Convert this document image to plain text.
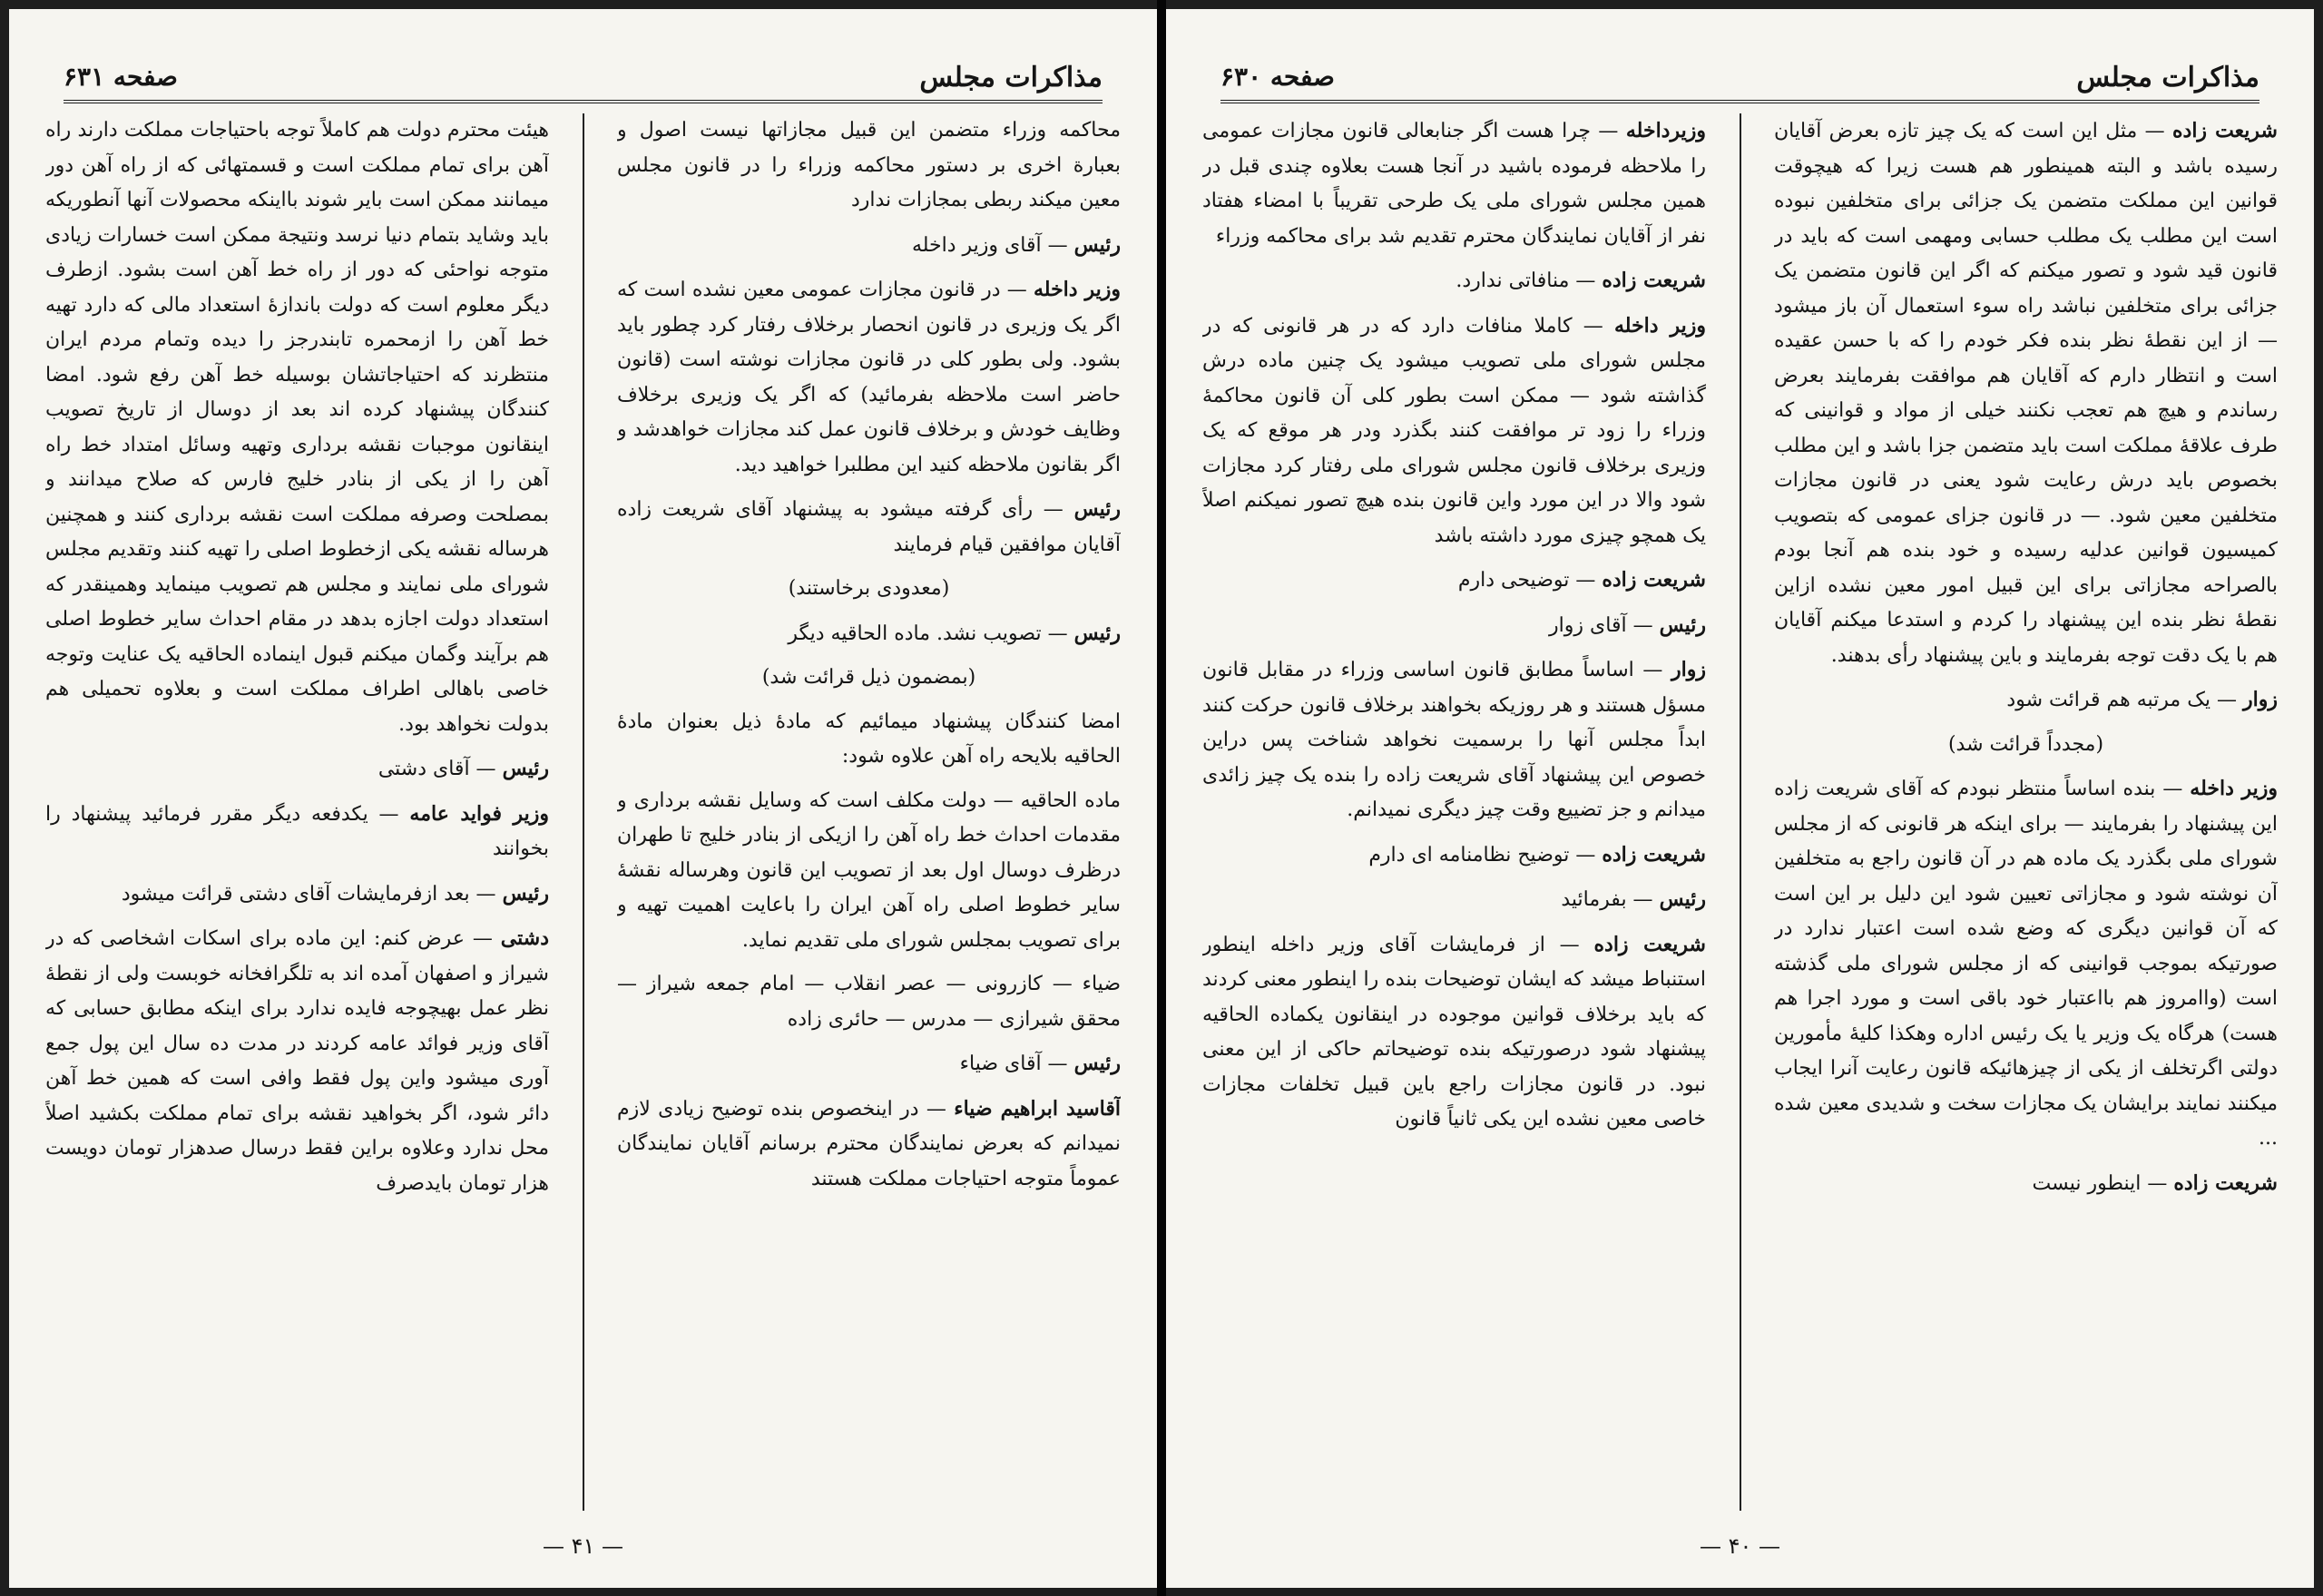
مذاکرات مجلس
صفحه ۶۳۱

محاکمه وزراء متضمن این قبیل مجازاتها نیست اصول و بعبارة اخرى بر دستور محاکمه وزراء را در قانون مجلس معین میکند ربطى بمجازات ندارد

رئیس — آقاى وزیر داخله

وزیر داخله — در قانون مجازات عمومى معین نشده است که اگر یک وزیرى در قانون انحصار برخلاف رفتار کرد چطور باید بشود. ولى بطور کلى در قانون مجازات نوشته است (قانون حاضر است ملاحظه بفرمائید) که اگر یک وزیرى برخلاف وظایف خودش و برخلاف قانون عمل کند مجازات خواهدشد و اگر بقانون ملاحظه کنید این مطلبرا خواهید دید.

رئیس — رأى گرفته میشود به پیشنهاد آقاى شریعت زاده آقایان موافقین قیام فرمایند

(معدودى برخاستند)

رئیس — تصویب نشد. ماده الحاقیه دیگر

(بمضمون ذیل قرائت شد)

امضا کنندگان پیشنهاد میمائیم که مادهٔ ذیل بعنوان مادهٔ الحاقیه بلایحه راه آهن علاوه شود:

ماده الحاقیه — دولت مکلف است که وسایل نقشه بردارى و مقدمات احداث خط راه آهن را ازیکى از بنادر خلیج تا طهران درظرف دوسال اول بعد از تصویب این قانون وهرساله نقشهٔ سایر خطوط اصلى راه آهن ایران را باعایت اهمیت تهیه و براى تصویب بمجلس شوراى ملى تقدیم نماید.

ضیاء — کازرونى — عصر انقلاب — امام جمعه شیراز — محقق شیرازى — مدرس — حائرى زاده

رئیس — آقاى ضیاء

آقاسید ابراهیم ضیاء — در اینخصوص بنده توضیح زیادى لازم نمیدانم که بعرض نمایندگان محترم برسانم آقایان نمایندگان عموماً متوجه احتیاجات مملکت هستند

هیئت محترم دولت هم کاملاً توجه باحتیاجات مملکت دارند راه آهن براى تمام مملکت است و قسمتهائى که از راه آهن دور میمانند ممکن است بایر شوند بااینکه محصولات آنها آنطوریکه باید وشاید بتمام دنیا نرسد ونتیجة ممکن است خسارات زیادى متوجه نواحئى که دور از راه خط آهن است بشود. ازطرف دیگر معلوم است که دولت باندازهٔ استعداد مالى که دارد تهیه خط آهن را ازمحمره تابندرجز را دیده وتمام مردم ایران منتظرند که احتیاجاتشان بوسیله خط آهن رفع شود. امضا کنندگان پیشنهاد کرده اند بعد از دوسال از تاریخ تصویب اینقانون موجبات نقشه بردارى وتهیه وسائل امتداد خط راه آهن را از یکى از بنادر خلیج فارس که صلاح میدانند و بمصلحت وصرفه مملکت است نقشه بردارى کنند و همچنین هرساله نقشه یکى ازخطوط اصلى را تهیه کنند وتقدیم مجلس شوراى ملى نمایند و مجلس هم تصویب مینماید وهمینقدر که استعداد دولت اجازه بدهد در مقام احداث سایر خطوط اصلى هم برآیند وگمان میکنم قبول اینماده الحاقیه یک عنایت وتوجه خاصى باهالى اطراف مملکت است و بعلاوه تحمیلى هم بدولت نخواهد بود.

رئیس — آقاى دشتى

وزیر فواید عامه — یکدفعه دیگر مقرر فرمائید پیشنهاد را بخوانند

رئیس — بعد ازفرمایشات آقاى دشتى قرائت میشود

دشتى — عرض کنم: این ماده براى اسکات اشخاصى که در شیراز و اصفهان آمده اند به تلگرافخانه خوبست ولى از نقطهٔ نظر عمل بهیچوجه فایده ندارد براى اینکه مطابق حسابى که آقاى وزیر فوائد عامه کردند در مدت ده سال این پول جمع آورى میشود واین پول فقط وافى است که همین خط آهن دائر شود، اگر بخواهید نقشه براى تمام مملکت بکشید اصلاً محل ندارد وعلاوه براین فقط درسال صدهزار تومان دویست هزار تومان بایدصرف

— ۴۱ —
مذاکرات مجلس
صفحه ۶۳۰

شریعت زاده — مثل این است که یک چیز تازه بعرض آقایان رسیده باشد و البته همینطور هم هست زیرا که هیچوقت قوانین این مملکت متضمن یک جزائى براى متخلفین نبوده است این مطلب یک مطلب حسابى ومهمى است که باید در قانون قید شود و تصور میکنم که اگر این قانون متضمن یک جزائى براى متخلفین نباشد راه سوء استعمال آن باز میشود — از این نقطهٔ نظر بنده فکر خودم را که با حسن عقیده است و انتظار دارم که آقایان هم موافقت بفرمایند بعرض رساندم و هیچ هم تعجب نکنند خیلى از مواد و قوانینى که طرف علاقهٔ مملکت است باید متضمن جزا باشد و این مطلب بخصوص باید درش رعایت شود یعنى در قانون مجازات متخلفین معین شود. — در قانون جزاى عمومى که بتصویب کمیسیون قوانین عدلیه رسیده و خود بنده هم آنجا بودم بالصراحه مجازاتى براى این قبیل امور معین نشده ازاین نقطهٔ نظر بنده این پیشنهاد را کردم و استدعا میکنم آقایان هم با یک دقت توجه بفرمایند و باین پیشنهاد رأى بدهند.

زوار — یک مرتبه هم قرائت شود

(مجدداً قرائت شد)

وزیر داخله — بنده اساساً منتظر نبودم که آقاى شریعت زاده این پیشنهاد را بفرمایند — براى اینکه هر قانونى که از مجلس شوراى ملى بگذرد یک ماده هم در آن قانون راجع به متخلفین آن نوشته شود و مجازاتى تعیین شود این دلیل بر این است که آن قوانین دیگرى که وضع شده است اعتبار ندارد در صورتیکه بموجب قوانینى که از مجلس شوراى ملى گذشته است (واامروز هم بااعتبار خود باقى است و مورد اجرا هم هست) هرگاه یک وزیر یا یک رئیس اداره وهکذا کلیهٔ مأمورین دولتى اگرتخلف از یکى از چیزهائیکه قانون رعایت آنرا ایجاب میکنند نمایند برایشان یک مجازات سخت و شدیدى معین شده ...

شریعت زاده — اینطور نیست

وزیرداخله — چرا هست اگر جنابعالى قانون مجازات عمومى را ملاحظه فرموده باشید در آنجا هست بعلاوه چندى قبل در همین مجلس شوراى ملى یک طرحى تقریباً با امضاء هفتاد نفر از آقایان نمایندگان محترم تقدیم شد براى محاکمه وزراء

شریعت زاده — منافاتى ندارد.

وزیر داخله — کاملا منافات دارد که در هر قانونى که در مجلس شوراى ملى تصویب میشود یک چنین ماده درش گذاشته شود — ممکن است بطور کلى آن قانون محاکمهٔ وزراء را زود تر موافقت کنند بگذرد ودر هر موقع که یک وزیرى برخلاف قانون مجلس شوراى ملى رفتار کرد مجازات شود والا در این مورد واین قانون بنده هیچ تصور نمیکنم اصلاً یک همچو چیزى مورد داشته باشد

شریعت زاده — توضیحى دارم

رئیس — آقاى زوار

زوار — اساساً مطابق قانون اساسى وزراء در مقابل قانون مسؤل هستند و هر روزیکه بخواهند برخلاف قانون حرکت کنند ابداً مجلس آنها را برسمیت نخواهد شناخت پس دراین خصوص این پیشنهاد آقاى شریعت زاده را بنده یک چیز زائدى میدانم و جز تضییع وقت چیز دیگرى نمیدانم.

شریعت زاده — توضیح نظامنامه اى دارم

رئیس — بفرمائید

شریعت زاده — از فرمایشات آقاى وزیر داخله اینطور استنباط میشد که ایشان توضیحات بنده را اینطور معنى کردند که باید برخلاف قوانین موجوده در اینقانون یکماده الحاقیه پیشنهاد شود درصورتیکه بنده توضیحاتم حاکى از این معنى نبود. در قانون مجازات راجع باین قبیل تخلفات مجازات خاصى معین نشده این یکى ثانیاً قانون

— ۴۰ —
